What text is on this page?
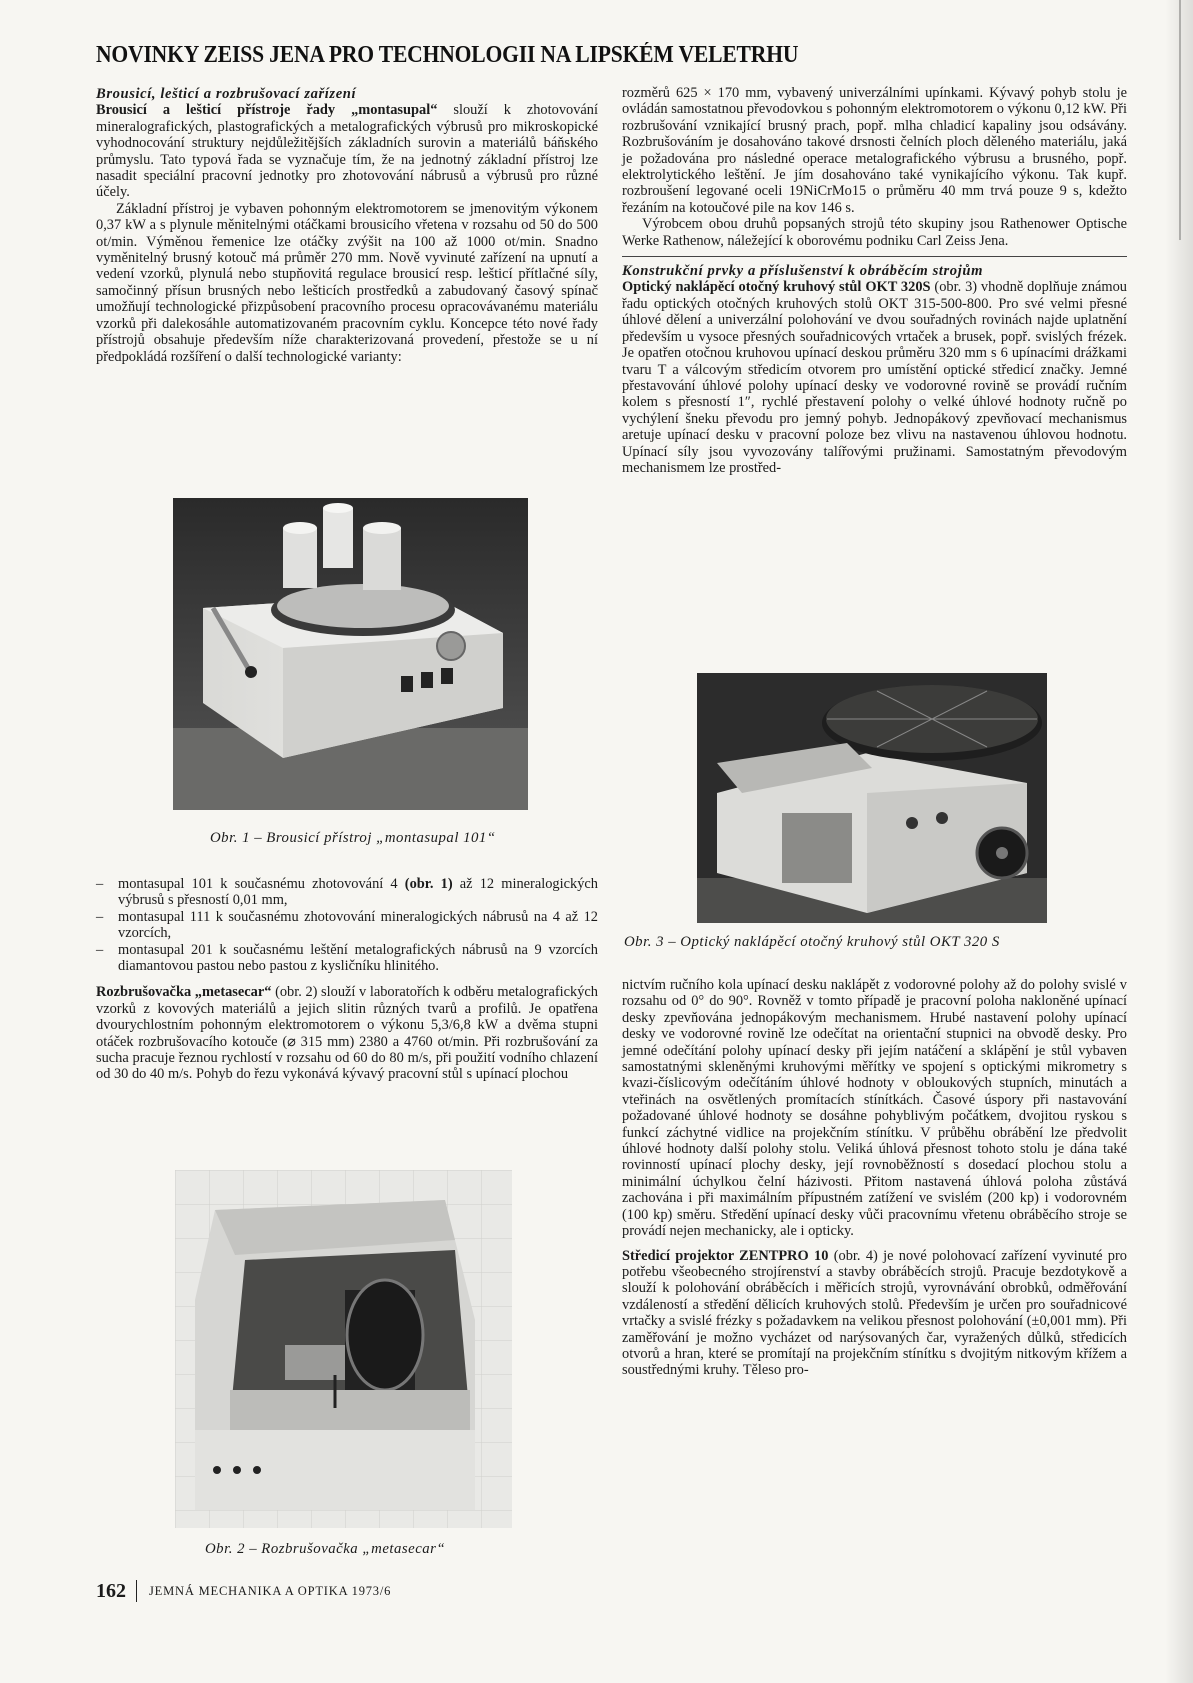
NOVINKY ZEISS JENA PRO TECHNOLOGII NA LIPSKÉM VELETRHU

Brousicí, lešticí a rozbrušovací zařízení

Brousicí a lešticí přístroje řady „montasupal“ slouží k zhotovování mineralografických, plastografických a metalografických výbrusů pro mikroskopické vyhodnocování struktury nejdůležitějších základních surovin a materiálů báňského průmyslu. Tato typová řada se vyznačuje tím, že na jednotný základní přístroj lze nasadit speciální pracovní jednotky pro zhotovování nábrusů a výbrusů pro různé účely.

Základní přístroj je vybaven pohonným elektromotorem se jmenovitým výkonem 0,37 kW a s plynule měnitelnými otáčkami brousicího vřetena v rozsahu od 50 do 500 ot/min. Výměnou řemenice lze otáčky zvýšit na 100 až 1000 ot/min. Snadno vyměnitelný brusný kotouč má průměr 270 mm. Nově vyvinuté zařízení na upnutí a vedení vzorků, plynulá nebo stupňovitá regulace brousicí resp. lešticí přítlačné síly, samočinný přísun brusných nebo lešticích prostředků a zabudovaný časový spínač umožňují technologické přizpůsobení pracovního procesu opracovávanému materiálu vzorků při dalekosáhle automatizovaném pracovním cyklu. Koncepce této nové řady přístrojů obsahuje především níže charakterizovaná provedení, přestože se u ní předpokládá rozšíření o další technologické varianty:

Obr. 1 – Brousicí přístroj „montasupal 101“
– montasupal 101 k současnému zhotovování 4 (obr. 1) až 12 mineralogických výbrusů s přesností 0,01 mm,
– montasupal 111 k současnému zhotovování mineralogických nábrusů na 4 až 12 vzorcích,
– montasupal 201 k současnému leštění metalografických nábrusů na 9 vzorcích diamantovou pastou nebo pastou z kysličníku hlinitého.

Rozbrušovačka „metasecar“ (obr. 2) slouží v laboratořích k odběru metalografických vzorků z kovových materiálů a jejich slitin různých tvarů a profilů. Je opatřena dvourychlostním pohonným elektromotorem o výkonu 5,3/6,8 kW a dvěma stupni otáček rozbrušovacího kotouče (⌀ 315 mm) 2380 a 4760 ot/min. Při rozbrušování za sucha pracuje řeznou rychlostí v rozsahu od 60 do 80 m/s, při použití vodního chlazení od 30 do 40 m/s. Pohyb do řezu vykonává kývavý pracovní stůl s upínací plochou

Obr. 2 – Rozbrušovačka „metasecar“

rozměrů 625 × 170 mm, vybavený univerzálními upínkami. Kývavý pohyb stolu je ovládán samostatnou převodovkou s pohonným elektromotorem o výkonu 0,12 kW. Při rozbrušování vznikající brusný prach, popř. mlha chladicí kapaliny jsou odsávány. Rozbrušováním je dosahováno takové drsnosti čelních ploch děleného materiálu, jaká je požadována pro následné operace metalografického výbrusu a brusného, popř. elektrolytického leštění. Je jím dosahováno také vynikajícího výkonu. Tak kupř. rozbroušení legované oceli 19NiCrMo15 o průměru 40 mm trvá pouze 9 s, kdežto řezáním na kotoučové pile na kov 146 s.

Výrobcem obou druhů popsaných strojů této skupiny jsou Rathenower Optische Werke Rathenow, náležející k oborovému podniku Carl Zeiss Jena.

Konstrukční prvky a příslušenství k obráběcím strojům

Optický naklápěcí otočný kruhový stůl OKT 320S (obr. 3) vhodně doplňuje známou řadu optických otočných kruhových stolů OKT 315-500-800. Pro své velmi přesné úhlové dělení a univerzální polohování ve dvou souřadných rovinách najde uplatnění především u vysoce přesných souřadnicových vrtaček a brusek, popř. svislých frézek. Je opatřen otočnou kruhovou upínací deskou průměru 320 mm s 6 upínacími drážkami tvaru T a válcovým středicím otvorem pro umístění optické středicí značky. Jemné přestavování úhlové polohy upínací desky ve vodorovné rovině se provádí ručním kolem s přesností 1″, rychlé přestavení polohy o velké úhlové hodnoty ručně po vychýlení šneku převodu pro jemný pohyb. Jednopákový zpevňovací mechanismus aretuje upínací desku v pracovní poloze bez vlivu na nastavenou úhlovou hodnotu. Upínací síly jsou vyvozovány talířovými pružinami. Samostatným převodovým mechanismem lze prostřed-

Obr. 3 – Optický naklápěcí otočný kruhový stůl OKT 320 S

nictvím ručního kola upínací desku naklápět z vodorovné polohy až do polohy svislé v rozsahu od 0° do 90°. Rovněž v tomto případě je pracovní poloha nakloněné upínací desky zpevňována jednopákovým mechanismem. Hrubé nastavení polohy upínací desky ve vodorovné rovině lze odečítat na orientační stupnici na obvodě desky. Pro jemné odečítání polohy upínací desky při jejím natáčení a sklápění je stůl vybaven samostatnými skleněnými kruhovými měřítky ve spojení s optickými mikrometry s kvazi-číslicovým odečítáním úhlové hodnoty v obloukových stupních, minutách a vteřinách na osvětlených promítacích stínítkách. Časové úspory při nastavování požadované úhlové hodnoty se dosáhne pohyblivým počátkem, dvojitou ryskou s funkcí záchytné vidlice na projekčním stínítku. V průběhu obrábění lze předvolit úhlové hodnoty další polohy stolu. Veliká úhlová přesnost tohoto stolu je dána také rovinností upínací plochy desky, její rovnoběžností s dosedací plochou stolu a minimální úchylkou čelní házivosti. Přitom nastavená úhlová poloha zůstává zachována i při maximálním přípustném zatížení ve svislém (200 kp) i vodorovném (100 kp) směru. Středění upínací desky vůči pracovnímu vřetenu obráběcího stroje se provádí nejen mechanicky, ale i opticky.

Středicí projektor ZENTPRO 10 (obr. 4) je nové polohovací zařízení vyvinuté pro potřebu všeobecného strojírenství a stavby obráběcích strojů. Pracuje bezdotykově a slouží k polohování obráběcích i měřicích strojů, vyrovnávání obrobků, odměřování vzdáleností a středění dělicích kruhových stolů. Především je určen pro souřadnicové vrtačky a svislé frézky s požadavkem na velikou přesnost polohování (±0,001 mm). Při zaměřování je možno vycházet od narýsovaných čar, vyražených důlků, středicích otvorů a hran, které se promítají na projekčním stínítku s dvojitým nitkovým křížem a soustřednými kruhy. Těleso pro-

162 JEMNÁ MECHANIKA A OPTIKA 1973/6
